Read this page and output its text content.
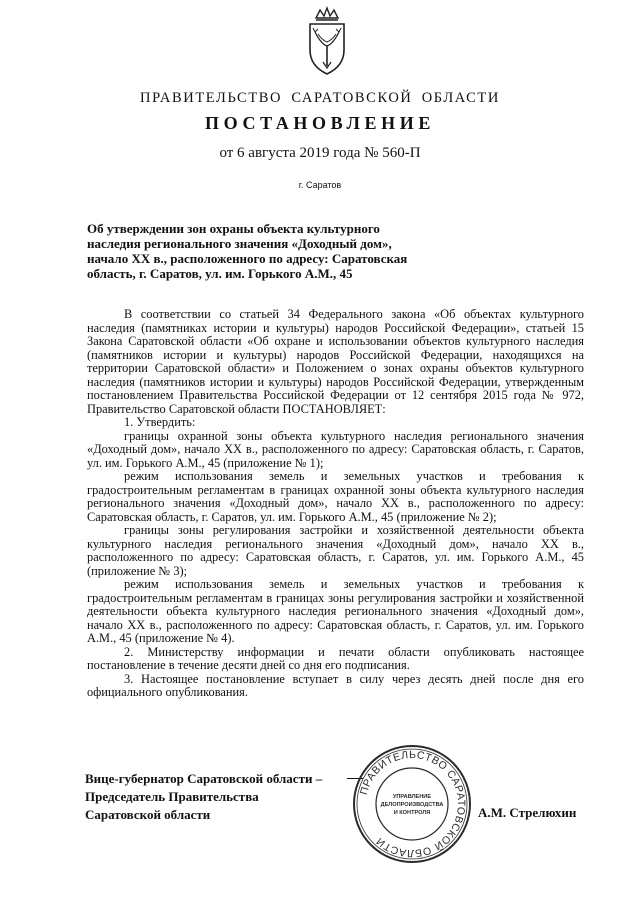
ПРАВИТЕЛЬСТВО САРАТОВСКОЙ ОБЛАСТИ
ПОСТАНОВЛЕНИЕ
от 6 августа 2019 года № 560-П
г. Саратов
Об утверждении зон охраны объекта культурного
наследия регионального значения «Доходный дом»,
начало XX в., расположенного по адресу: Саратовская
область, г. Саратов, ул. им. Горького А.М., 45

В соответствии со статьей 34 Федерального закона «Об объектах культурного наследия (памятниках истории и культуры) народов Российской Федерации», статьей 15 Закона Саратовской области «Об охране и использовании объектов культурного наследия (памятников истории и культуры) народов Российской Федерации, находящихся на территории Саратовской области» и Положением о зонах охраны объектов культурного наследия (памятников истории и культуры) народов Российской Федерации, утвержденным постановлением Правительства Российской Федерации от 12 сентября 2015 года № 972, Правительство Саратовской области ПОСТАНОВЛЯЕТ:

1. Утвердить:

границы охранной зоны объекта культурного наследия регионального значения «Доходный дом», начало XX в., расположенного по адресу: Саратовская область, г. Саратов, ул. им. Горького А.М., 45 (приложение № 1);

режим использования земель и земельных участков и требования к градостроительным регламентам в границах охранной зоны объекта культурного наследия регионального значения «Доходный дом», начало XX в., расположенного по адресу: Саратовская область, г. Саратов, ул. им. Горького А.М., 45 (приложение № 2);

границы зоны регулирования застройки и хозяйственной деятельности объекта культурного наследия регионального значения «Доходный дом», начало XX в., расположенного по адресу: Саратовская область, г. Саратов, ул. им. Горького А.М., 45 (приложение № 3);

режим использования земель и земельных участков и требования к градостроительным регламентам в границах зоны регулирования застройки и хозяйственной деятельности объекта культурного наследия регионального значения «Доходный дом», начало XX в., расположенного по адресу: Саратовская область, г. Саратов, ул. им. Горького А.М., 45 (приложение № 4).

2. Министерству информации и печати области опубликовать настоящее постановление в течение десяти дней со дня его подписания.

3. Настоящее постановление вступает в силу через десять дней после дня его официального опубликования.

Вице-губернатор Саратовской области –
Председатель Правительства
Саратовской области
ПРАВИТЕЛЬСТВО САРАТОВСКОЙ ОБЛАСТИ
УПРАВЛЕНИЕ
ДЕЛОПРОИЗВОДСТВА
И КОНТРОЛЯ	А.М. Стрелюхин
